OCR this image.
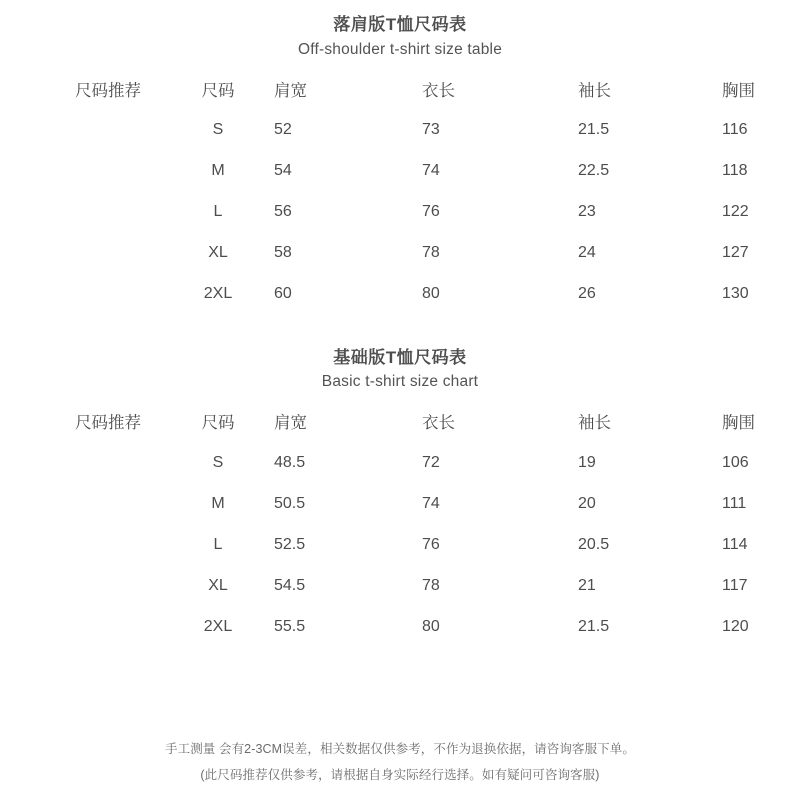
落肩版T恤尺码表
Off-shoulder t-shirt size table
尺码推荐	尺码	肩宽	衣长	袖长	胸围
	S	52	73	21.5	116
	M	54	74	22.5	118
	L	56	76	23	122
	XL	58	78	24	127
	2XL	60	80	26	130
基础版T恤尺码表
Basic t-shirt size chart
尺码推荐	尺码	肩宽	衣长	袖长	胸围
	S	48.5	72	19	106
	M	50.5	74	20	111
	L	52.5	76	20.5	114
	XL	54.5	78	21	117
	2XL	55.5	80	21.5	120
手工测量 会有2-3CM误差，相关数据仅供参考，不作为退换依据，请咨询客服下单。
(此尺码推荐仅供参考，请根据自身实际经行选择。如有疑问可咨询客服)
